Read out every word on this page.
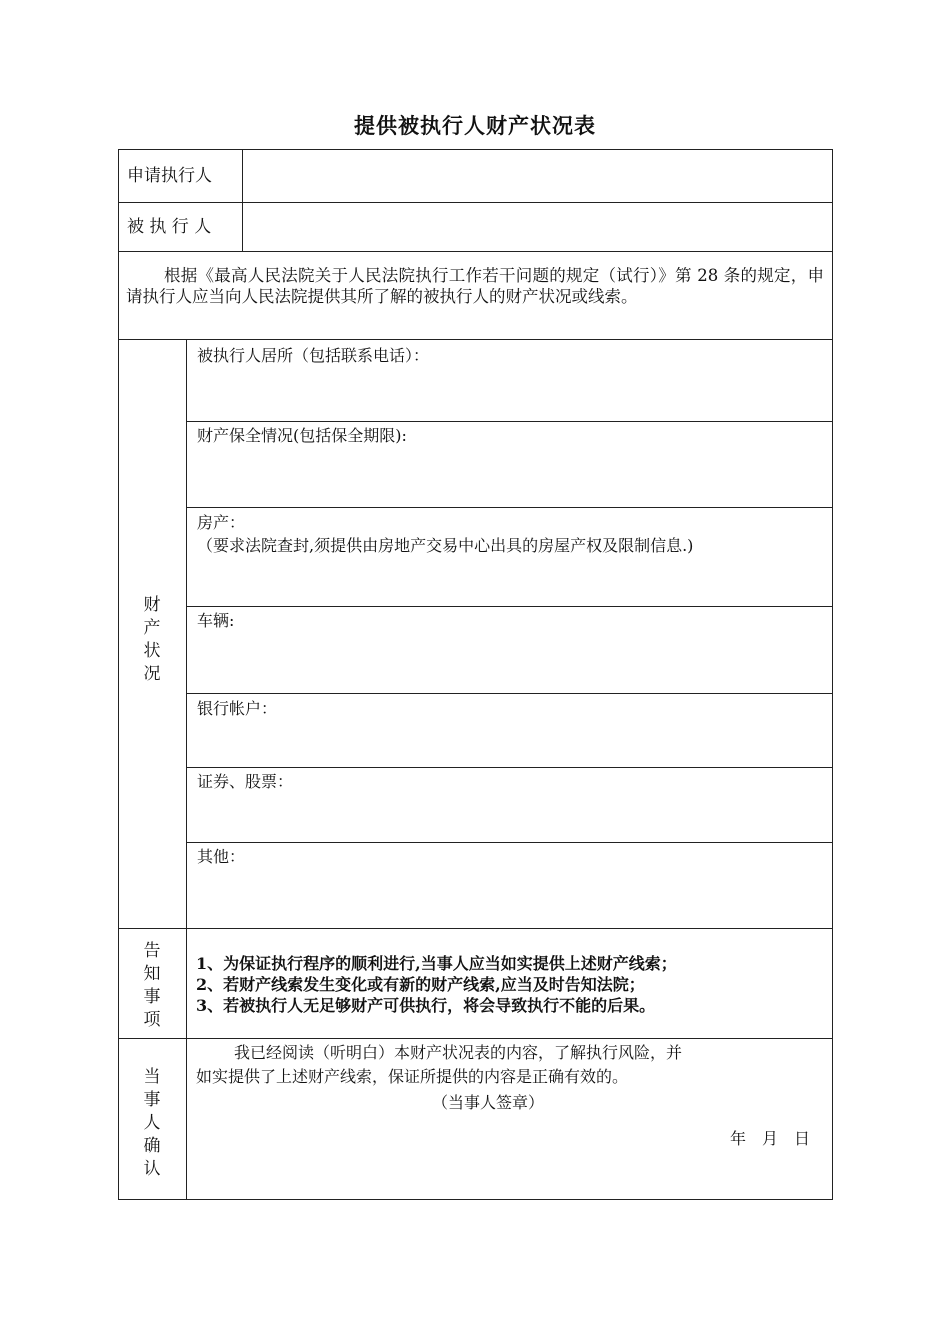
提供被执行人财产状况表
申请执行人
被 执 行 人
根据《最高人民法院关于人民法院执行工作若干问题的规定（试行）》第 28 条的规定，申请执行人应当向人民法院提供其所了解的被执行人的财产状况或线索。
财产状况
被执行人居所（包括联系电话）：
财产保全情况(包括保全期限):
房产：
（要求法院查封,须提供由房地产交易中心出具的房屋产权及限制信息.)
车辆:
银行帐户：
证券、股票：
其他：
告知事项
1、为保证执行程序的顺利进行,当事人应当如实提供上述财产线索；
2、若财产线索发生变化或有新的财产线索,应当及时告知法院；
3、若被执行人无足够财产可供执行，将会导致执行不能的后果。
当事人确认
我已经阅读（听明白）本财产状况表的内容，了解执行风险，并
如实提供了上述财产线索，保证所提供的内容是正确有效的。
（当事人签章）
年　月　日
